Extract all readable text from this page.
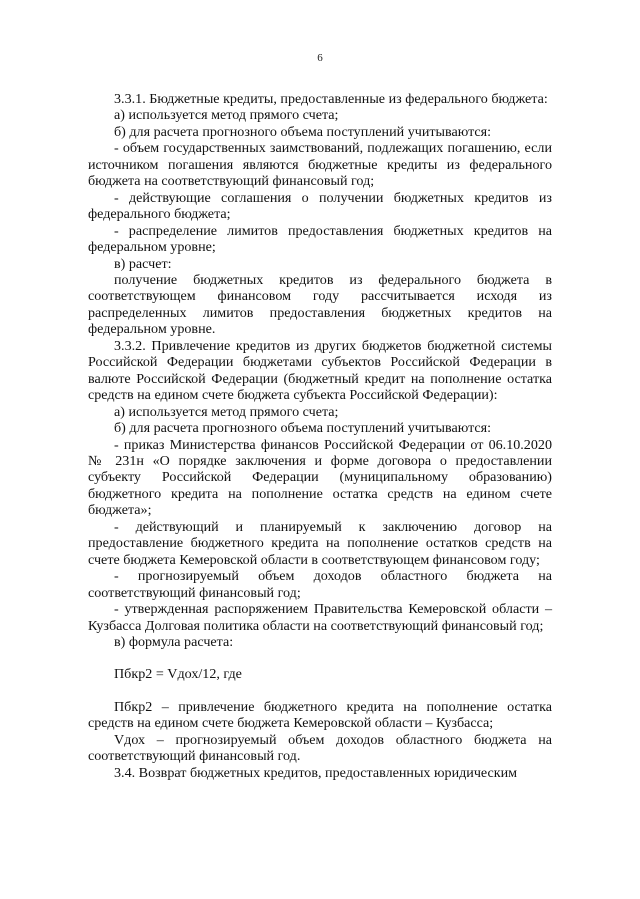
6

3.3.1. Бюджетные кредиты, предоставленные из федерального бюджета:

а) используется метод прямого счета;

б) для расчета прогнозного объема поступлений учитываются:

- объем государственных заимствований, подлежащих погашению, если источником погашения являются бюджетные кредиты из федерального бюджета на соответствующий финансовый год;

- действующие соглашения о получении бюджетных кредитов из федерального бюджета;

- распределение лимитов предоставления бюджетных кредитов на федеральном уровне;

в) расчет:

получение бюджетных кредитов из федерального бюджета в соответствующем финансовом году рассчитывается исходя из распределенных лимитов предоставления бюджетных кредитов на федеральном уровне.

3.3.2. Привлечение кредитов из других бюджетов бюджетной системы Российской Федерации бюджетами субъектов Российской Федерации в валюте Российской Федерации (бюджетный кредит на пополнение остатка средств на едином счете бюджета субъекта Российской Федерации):

а) используется метод прямого счета;

б) для расчета прогнозного объема поступлений учитываются:

- приказ Министерства финансов Российской Федерации от 06.10.2020 № 231н «О порядке заключения и форме договора о предоставлении субъекту Российской Федерации (муниципальному образованию) бюджетного кредита на пополнение остатка средств на едином счете бюджета»;

- действующий и планируемый к заключению договор на предоставление бюджетного кредита на пополнение остатков средств на счете бюджета Кемеровской области в соответствующем финансовом году;

- прогнозируемый объем доходов областного бюджета на соответствующий финансовый год;

- утвержденная распоряжением Правительства Кемеровской области – Кузбасса Долговая политика области на соответствующий финансовый год;

в) формула расчета:

Пбкр2 = Vдох/12, где

Пбкр2 – привлечение бюджетного кредита на пополнение остатка средств на едином счете бюджета Кемеровской области – Кузбасса;

Vдох – прогнозируемый объем доходов областного бюджета на соответствующий финансовый год.

3.4. Возврат бюджетных кредитов, предоставленных юридическим
